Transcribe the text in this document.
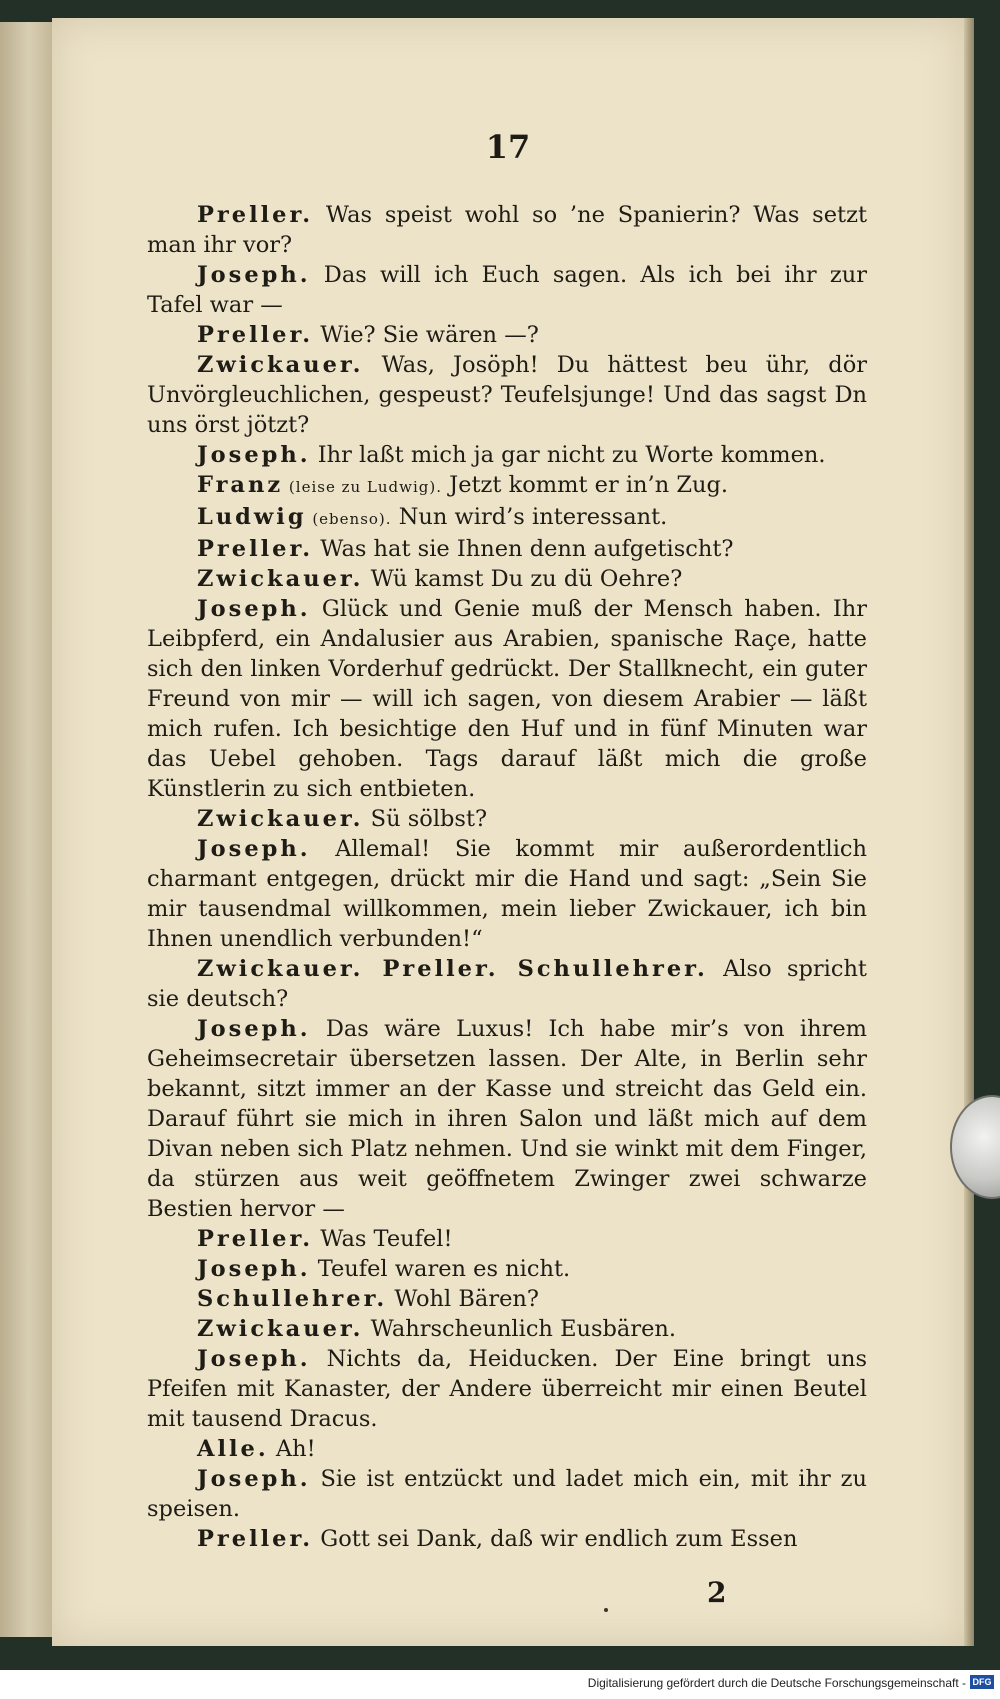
17

Preller. Was speist wohl so ’ne Spanierin? Was setzt man ihr vor?

Joseph. Das will ich Euch sagen. Als ich bei ihr zur Tafel war —

Preller. Wie? Sie wären —?

Zwickauer. Was, Josöph! Du hättest beu ühr, dör Unvörgleuchlichen, gespeust? Teufelsjunge! Und das sagst Dn uns örst jötzt?

Joseph. Ihr laßt mich ja gar nicht zu Worte kommen.

Franz (leise zu Ludwig). Jetzt kommt er in’n Zug.

Ludwig (ebenso). Nun wird’s interessant.

Preller. Was hat sie Ihnen denn aufgetischt?

Zwickauer. Wü kamst Du zu dü Oehre?

Joseph. Glück und Genie muß der Mensch haben. Ihr Leibpferd, ein Andalusier aus Arabien, spanische Raçe, hatte sich den linken Vorderhuf gedrückt. Der Stallknecht, ein guter Freund von mir — will ich sagen, von diesem Arabier — läßt mich rufen. Ich besichtige den Huf und in fünf Minuten war das Uebel gehoben. Tags darauf läßt mich die große Künstlerin zu sich entbieten.

Zwickauer. Sü sölbst?

Joseph. Allemal! Sie kommt mir außerordentlich charmant entgegen, drückt mir die Hand und sagt: „Sein Sie mir tausendmal willkommen, mein lieber Zwickauer, ich bin Ihnen unendlich verbunden!“

Zwickauer. Preller. Schullehrer. Also spricht sie deutsch?

Joseph. Das wäre Luxus! Ich habe mir’s von ihrem Geheimsecretair übersetzen lassen. Der Alte, in Berlin sehr bekannt, sitzt immer an der Kasse und streicht das Geld ein. Darauf führt sie mich in ihren Salon und läßt mich auf dem Divan neben sich Platz nehmen. Und sie winkt mit dem Finger, da stürzen aus weit geöffnetem Zwinger zwei schwarze Bestien hervor —

Preller. Was Teufel!

Joseph. Teufel waren es nicht.

Schullehrer. Wohl Bären?

Zwickauer. Wahrscheunlich Eusbären.

Joseph. Nichts da, Heiducken. Der Eine bringt uns Pfeifen mit Kanaster, der Andere überreicht mir einen Beutel mit tausend Dracus.

Alle. Ah!

Joseph. Sie ist entzückt und ladet mich ein, mit ihr zu speisen.

Preller. Gott sei Dank, daß wir endlich zum Essen

2
Digitalisierung gefördert durch die Deutsche Forschungsgemeinschaft - DFG
